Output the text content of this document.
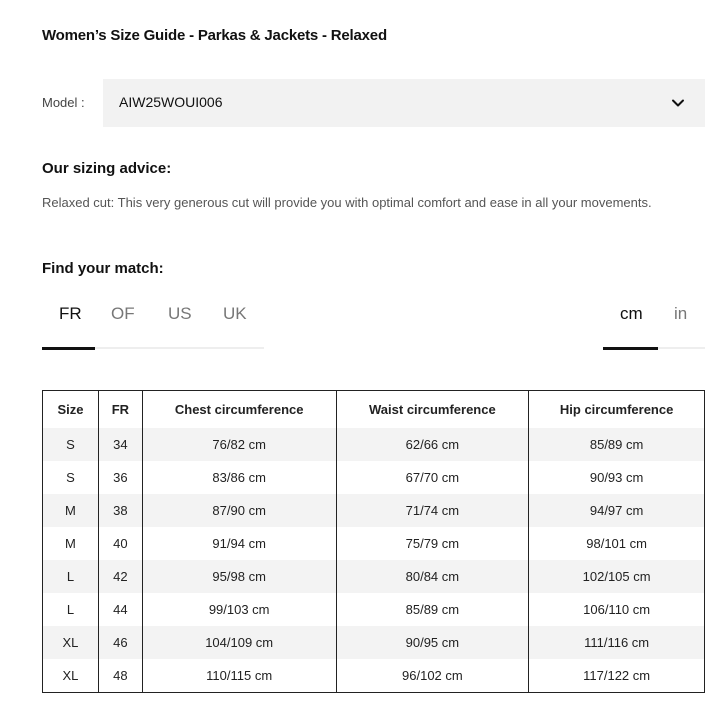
Women’s Size Guide - Parkas & Jackets - Relaxed
Model : AIW25WOUI006
Our sizing advice:
Relaxed cut: This very generous cut will provide you with optimal comfort and ease in all your movements.
Find your match:
FR OF US UK	cm in
Size	FR	Chest circumference	Waist circumference	Hip circumference
S	34	76/82 cm	62/66 cm	85/89 cm
S	36	83/86 cm	67/70 cm	90/93 cm
M	38	87/90 cm	71/74 cm	94/97 cm
M	40	91/94 cm	75/79 cm	98/101 cm
L	42	95/98 cm	80/84 cm	102/105 cm
L	44	99/103 cm	85/89 cm	106/110 cm
XL	46	104/109 cm	90/95 cm	111/116 cm
XL	48	110/115 cm	96/102 cm	117/122 cm
